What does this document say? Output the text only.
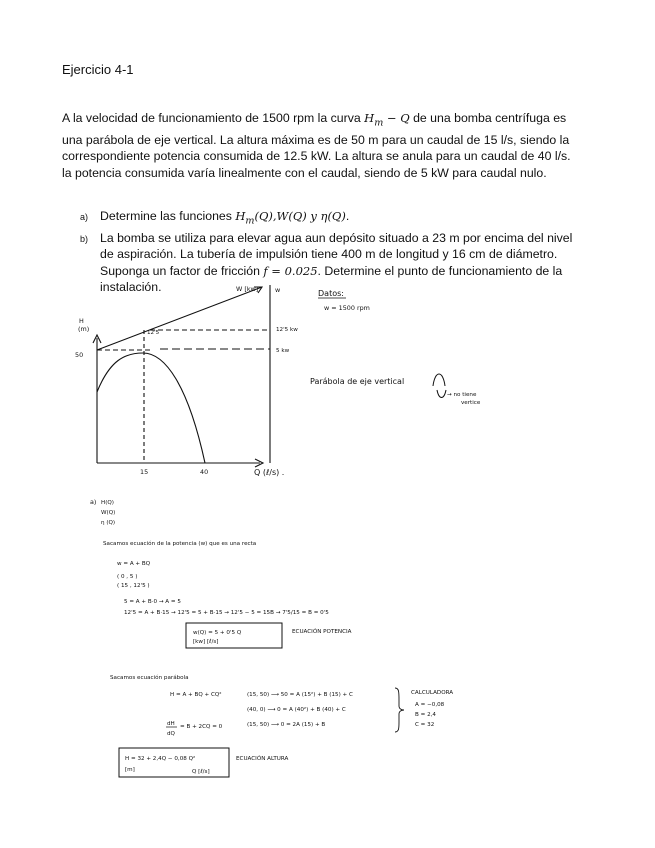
Ejercicio 4-1
A la velocidad de funcionamiento de 1500 rpm la curva $H_m - Q$ de una bomba centrífuga es
una parábola de eje vertical. La altura máxima es de 50 m para un caudal de 15 l/s, siendo la
correspondiente potencia consumida de 12.5 kW. La altura se anula para un caudal de 40 l/s.
la potencia consumida varía linealmente con el caudal, siendo de 5 kW para caudal nulo.
a) Determine las funciones $H_m(Q),W(Q)$ y η(Q).
b) La bomba se utiliza para elevar agua aun depósito situado a 23 m por encima del nivel
de aspiración. La tubería de impulsión tiene 400 m de longitud y 16 cm de diámetro.
Suponga un factor de fricción f = 0.025. Determine el punto de funcionamiento de la
instalación.	W [kw]	w
H
(m)
50
12'5	12'5 kw
5 kw
15	40	Q (ℓ/s) .
Datos:
w = 1500 rpm
Parábola de eje vertical
→ no tiene
vertice
a) H(Q)
W(Q)
η (Q)
Sacamos ecuación de la potencia (w) que es una recta
w = A + BQ
( 0 , 5 )
( 15 , 12'5 )
5 = A + B·0 → A = 5
12'5 = A + B·15 → 12'5 = 5 + B·15 → 12'5 − 5 = 15B → 7'5/15 = B = 0'5
w(Q) = 5 + 0'5 Q
[kw] [ℓ/s]
ECUACIÓN POTENCIA
Sacamos ecuación parábola
H = A + BQ + CQ²	(15, 50) ⟶ 50 = A (15²) + B (15) + C
(40, 0) ⟶ 0 = A (40²) + B (40) + C
(15, 50) ⟶ 0 = 2A (15) + B
dH
dQ
= B + 2CQ = 0
CALCULADORA
A = −0,08
B = 2,4
C = 32
H = 32 + 2,4Q − 0,08 Q²
[m]	Q [ℓ/s]
ECUACIÓN ALTURA
